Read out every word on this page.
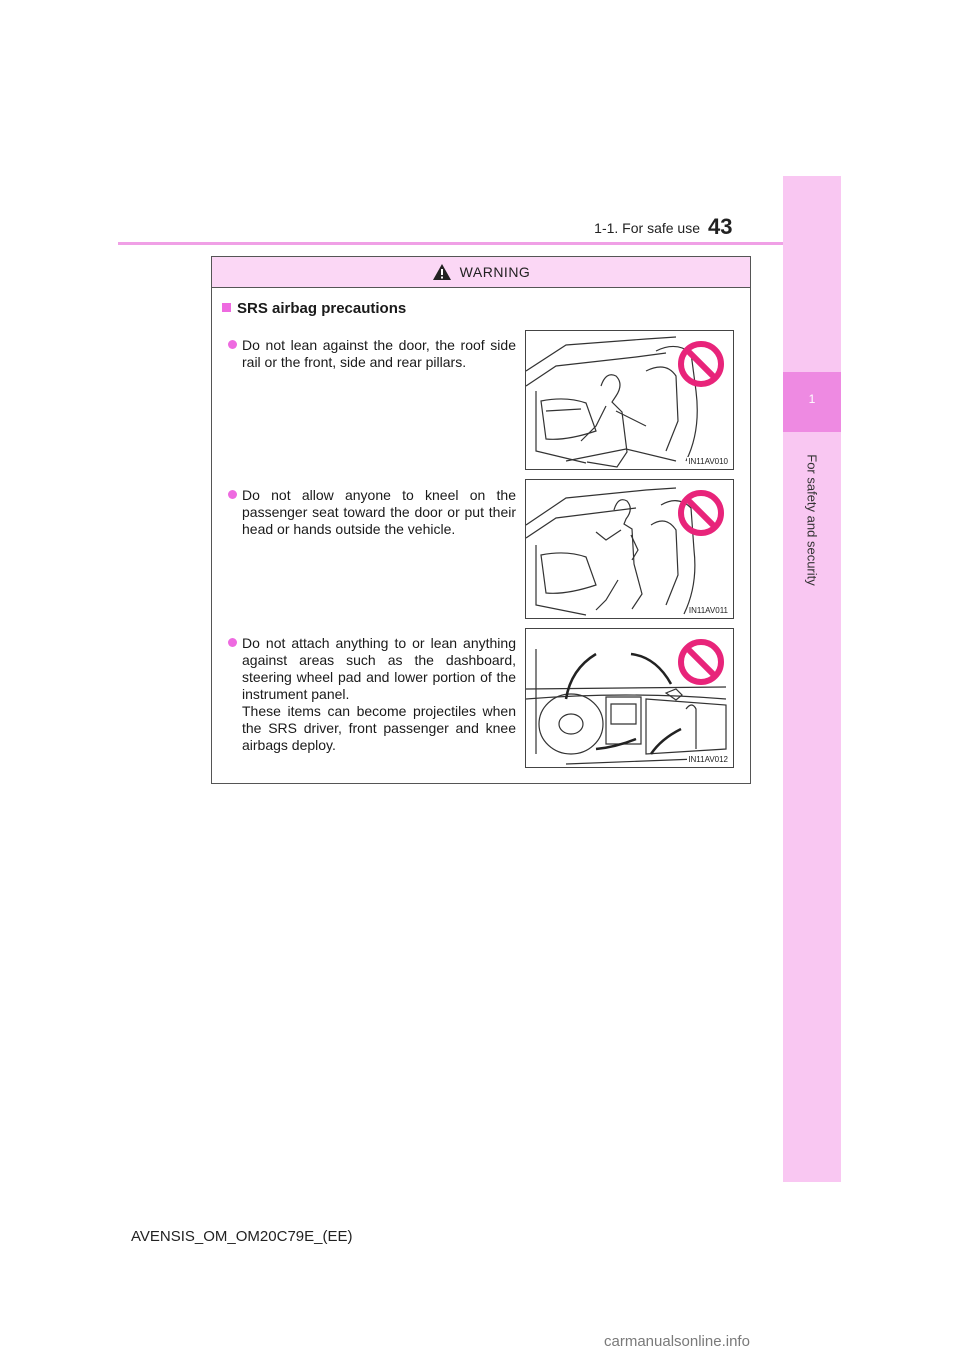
1-1. For safe use 43
1
For safety and security
WARNING
SRS airbag precautions

Do not lean against the door, the roof side rail or the front, side and rear pillars.

IN11AV010

Do not allow anyone to kneel on the passenger seat toward the door or put their head or hands outside the vehicle.

IN11AV011

Do not attach anything to or lean anything against areas such as the dashboard, steering wheel pad and lower portion of the instrument panel.

These items can become projectiles when the SRS driver, front passenger and knee airbags deploy.

IN11AV012
AVENSIS_OM_OM20C79E_(EE)
carmanualsonline.info
